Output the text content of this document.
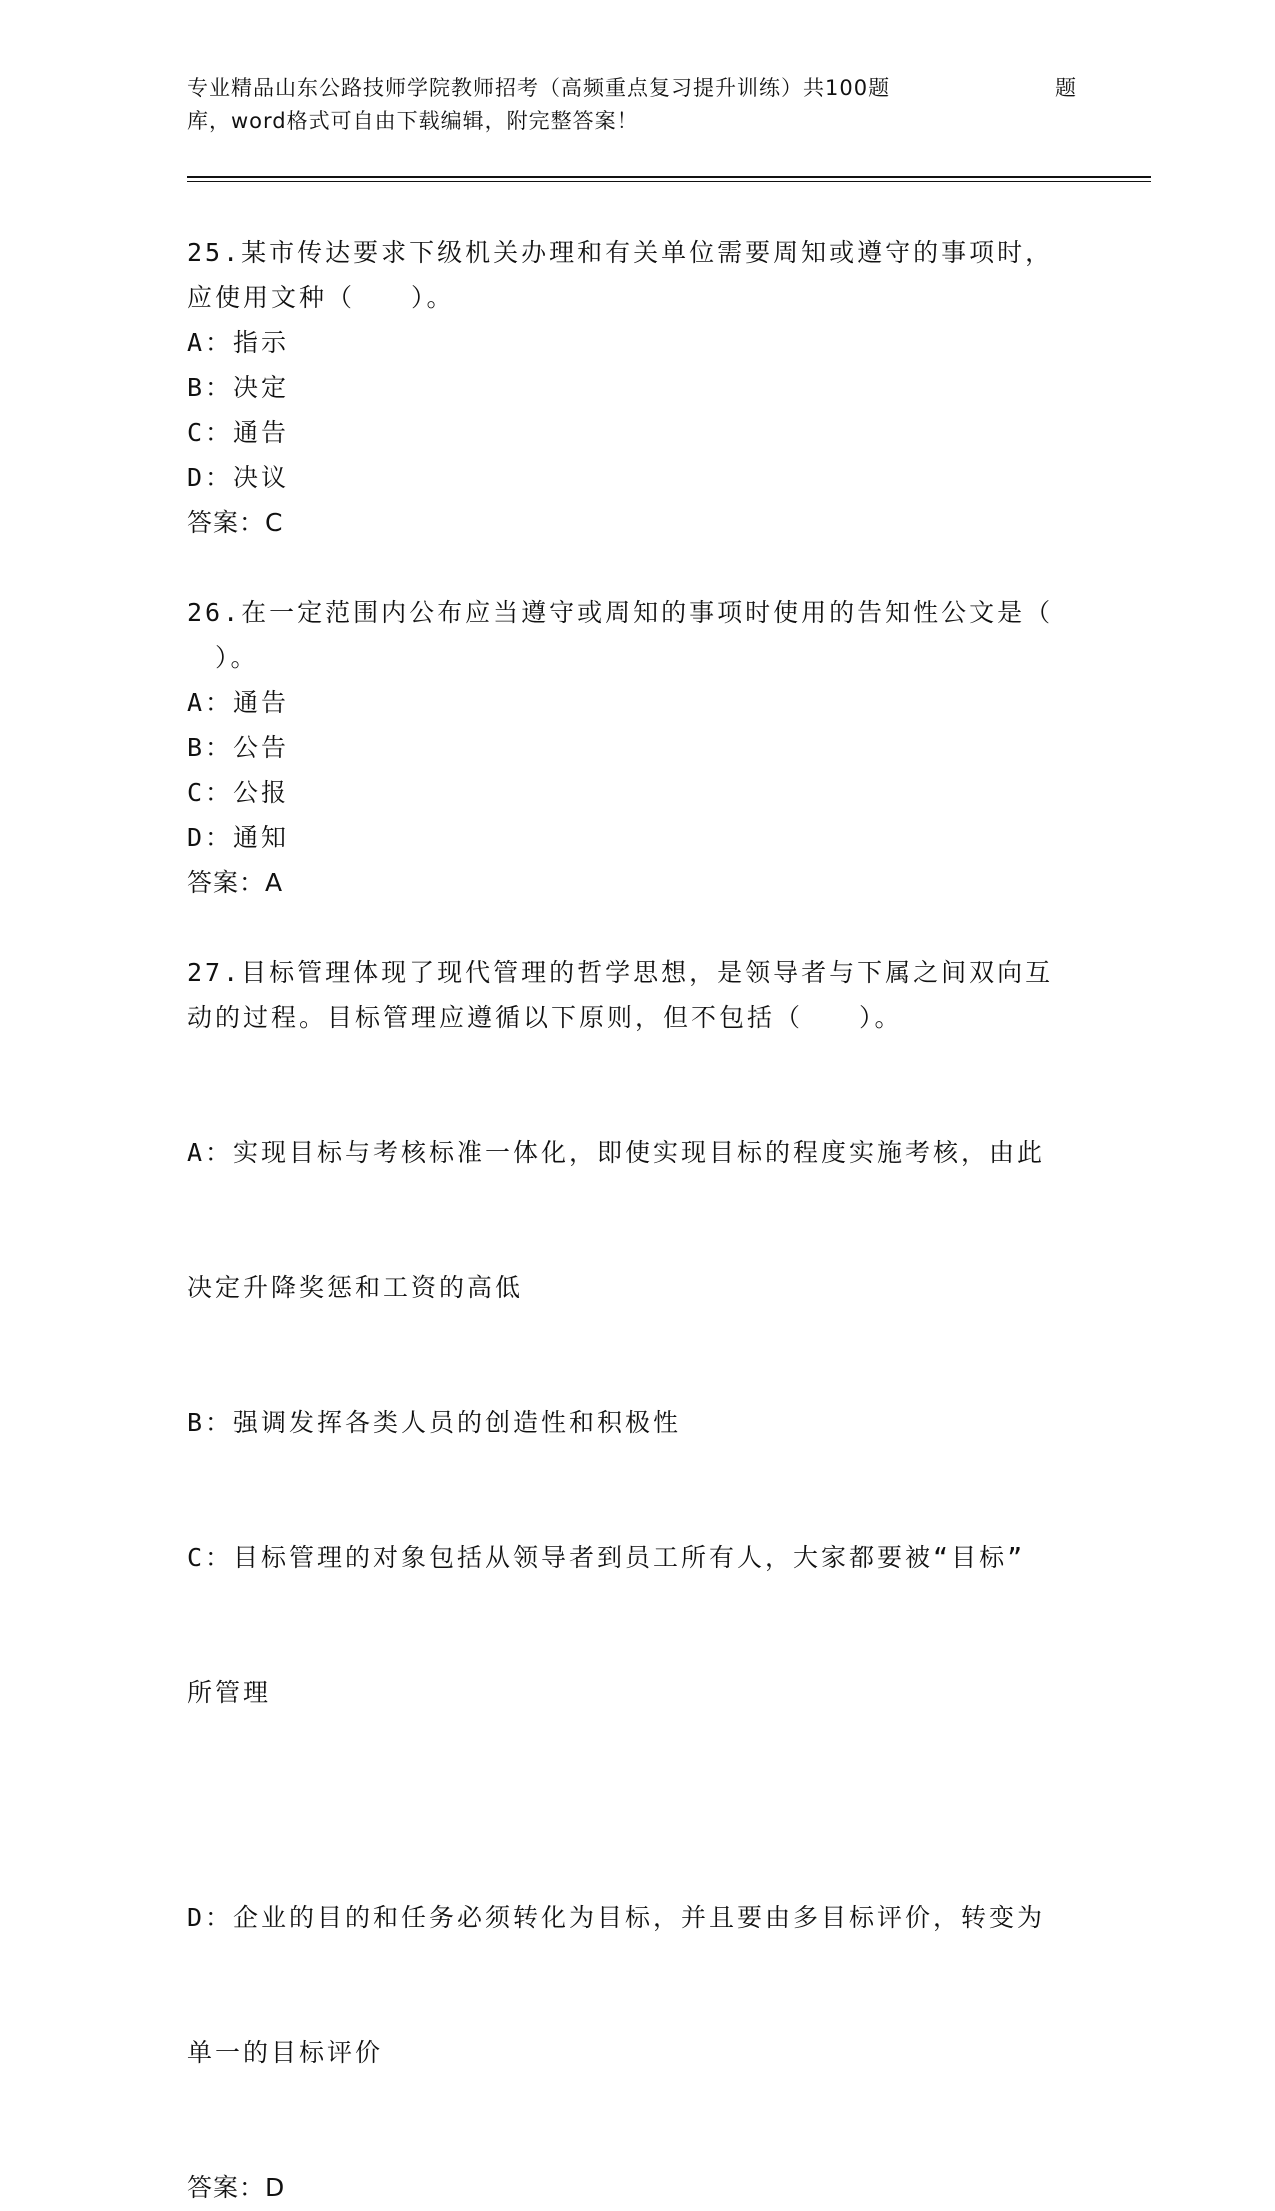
专业精品山东公路技师学院教师招考（高频重点复习提升训练）共100题	题
库，word格式可自由下载编辑，附完整答案！
25.某市传达要求下级机关办理和有关单位需要周知或遵守的事项时，
应使用文种（　　）。
A：指示
B：决定
C：通告
D：决议
答案：C
26.在一定范围内公布应当遵守或周知的事项时使用的告知性公文是（
　）。
A：通告
B：公告
C：公报
D：通知
答案：A
27.目标管理体现了现代管理的哲学思想，是领导者与下属之间双向互
动的过程。目标管理应遵循以下原则，但不包括（　　）。

A：实现目标与考核标准一体化，即使实现目标的程度实施考核，由此

决定升降奖惩和工资的高低

B：强调发挥各类人员的创造性和积极性

C：目标管理的对象包括从领导者到员工所有人，大家都要被“目标”

所管理

D：企业的目的和任务必须转化为目标，并且要由多目标评价，转变为

单一的目标评价

答案：D
